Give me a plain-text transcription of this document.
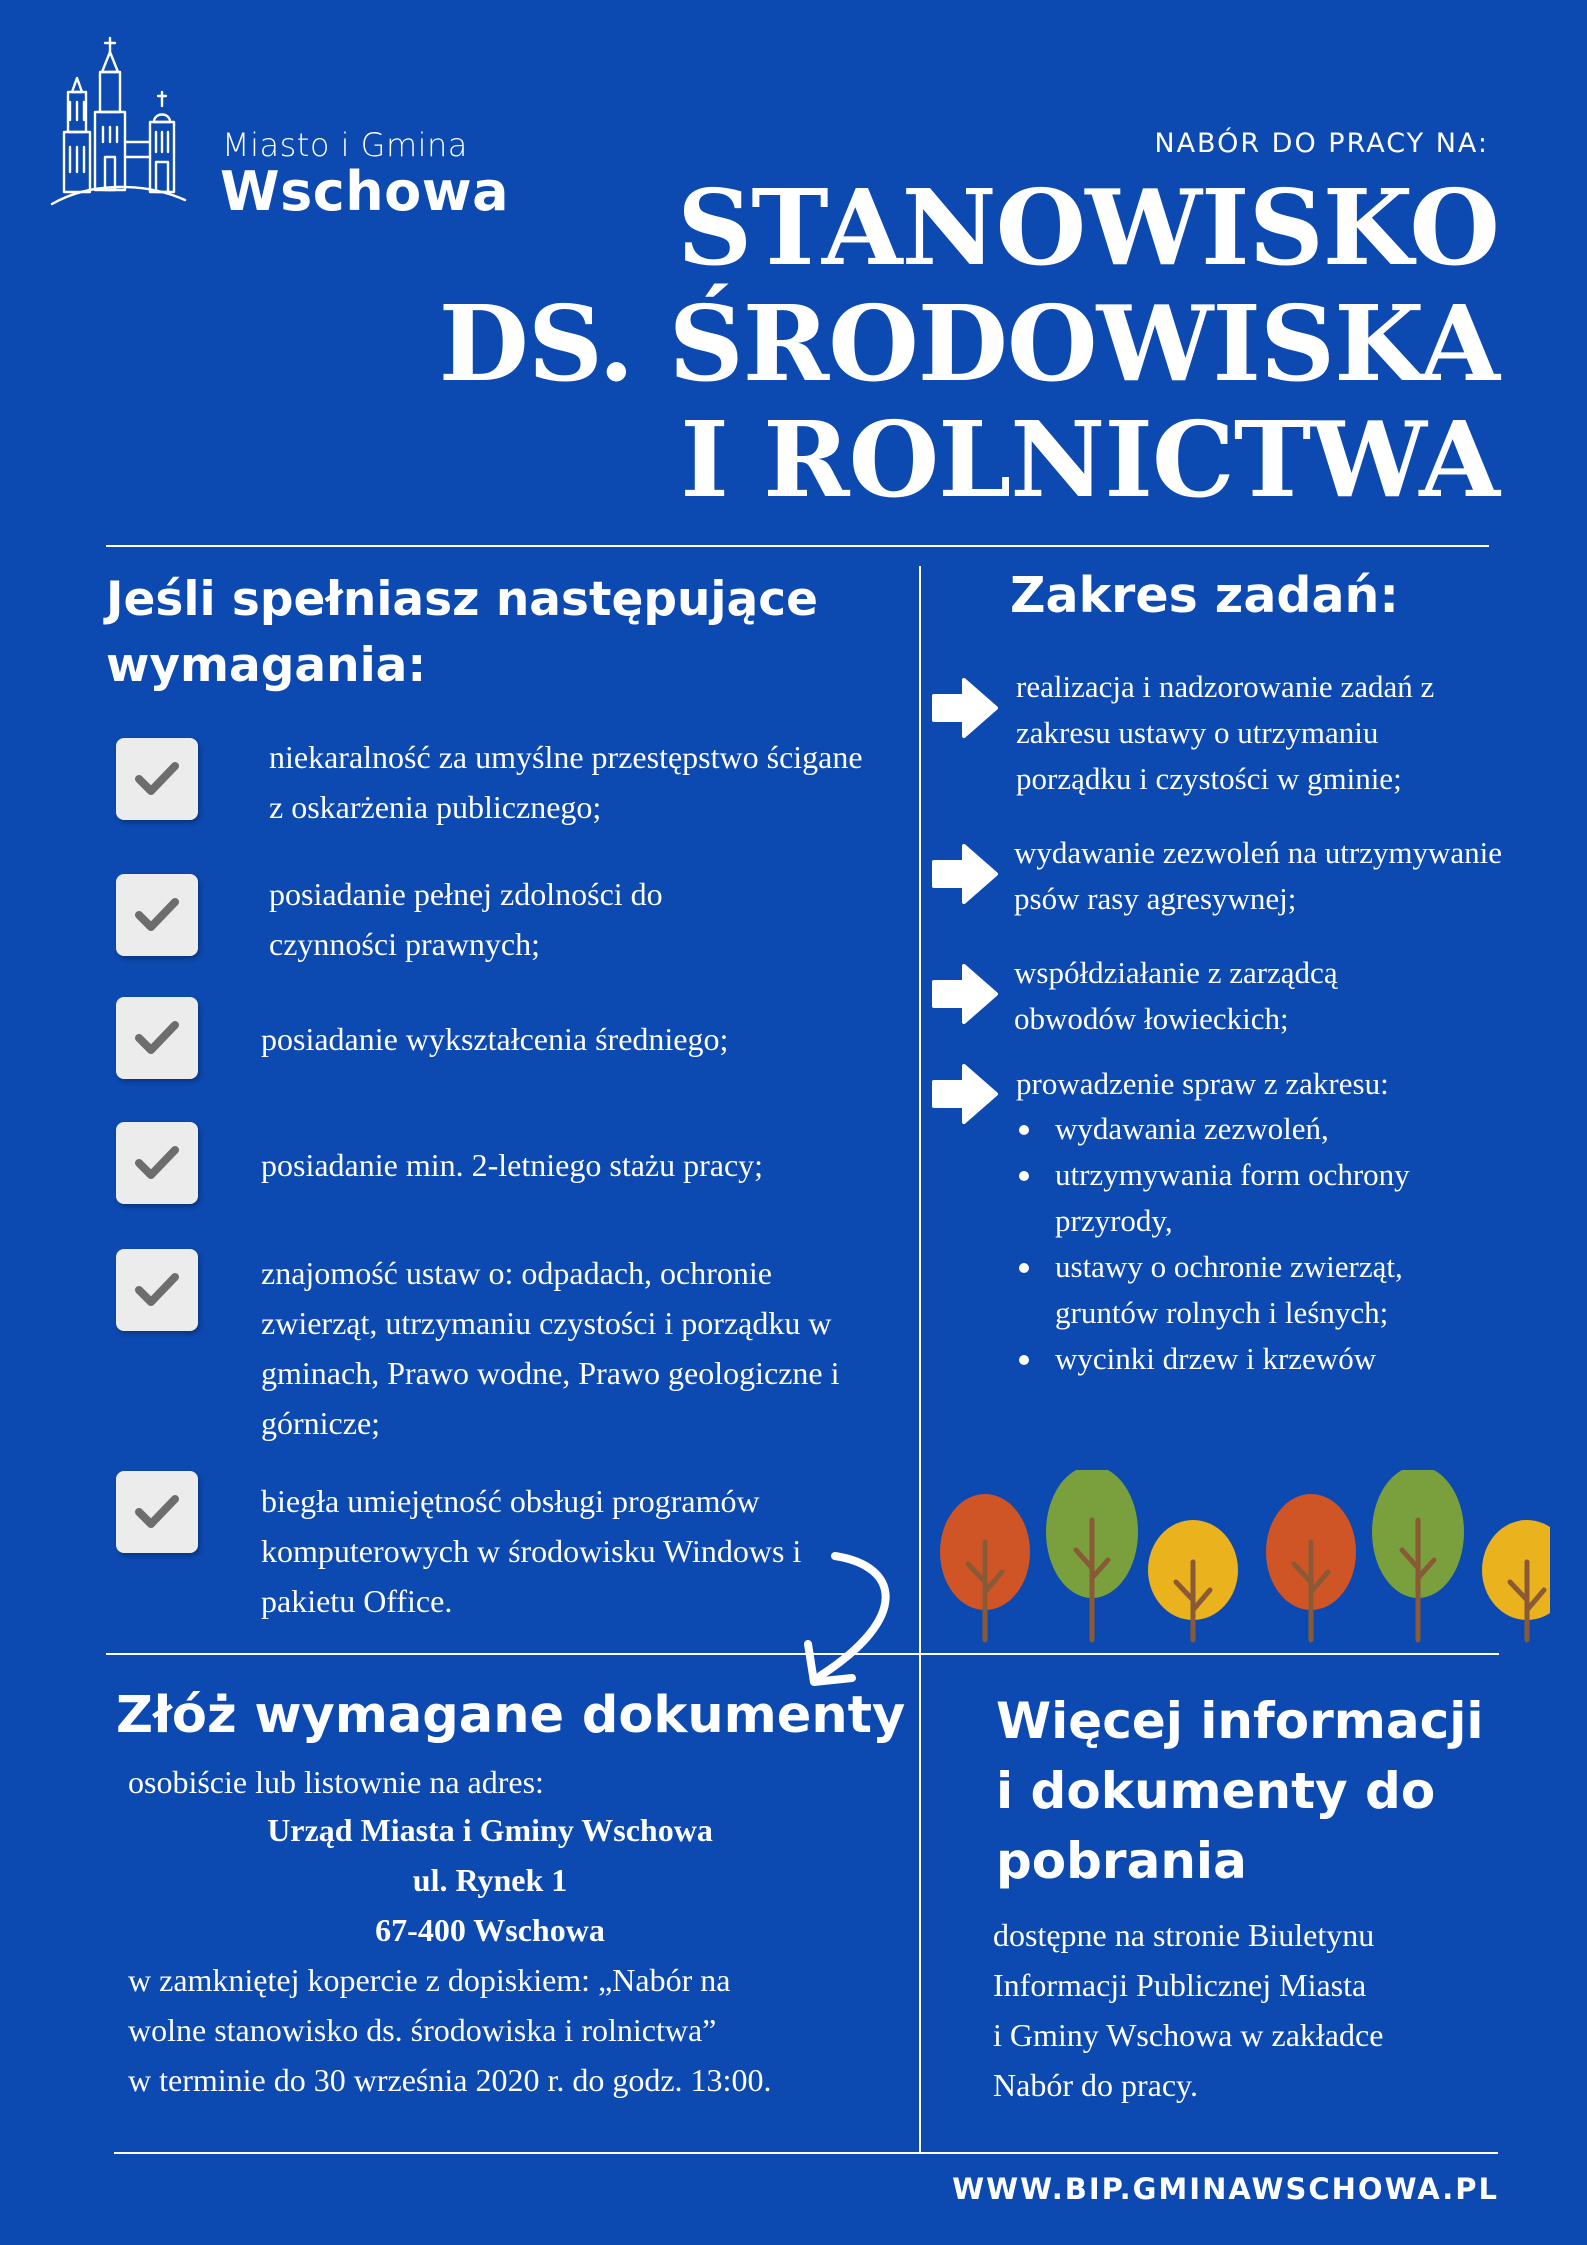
Miasto i Gmina
Wschowa
NABÓR DO PRACY NA:
STANOWISKO
DS. ŚRODOWISKA
I ROLNICTWA
Jeśli spełniasz następujące wymagania:
niekaralność za umyślne przestępstwo ścigane z oskarżenia publicznego;
posiadanie pełnej zdolności do czynności prawnych;
posiadanie wykształcenia średniego;
posiadanie min. 2-letniego stażu pracy;
znajomość ustaw o: odpadach, ochronie zwierząt, utrzymaniu czystości i porządku w gminach, Prawo wodne, Prawo geologiczne i górnicze;
biegła umiejętność obsługi programów komputerowych w środowisku Windows i pakietu Office.
Zakres zadań:
realizacja i nadzorowanie zadań z zakresu ustawy o utrzymaniu porządku i czystości w gminie;
wydawanie zezwoleń na utrzymywanie psów rasy agresywnej;
współdziałanie z zarządcą obwodów łowieckich;
prowadzenie spraw z zakresu:
wydawania zezwoleń,
utrzymywania form ochrony przyrody,
ustawy o ochronie zwierząt, gruntów rolnych i leśnych;
wycinki drzew i krzewów
Złóż wymagane dokumenty
osobiście lub listownie na adres:
Urząd Miasta i Gminy Wschowa
ul. Rynek 1
67-400 Wschowa
w zamkniętej kopercie z dopiskiem: „Nabór na
wolne stanowisko ds. środowiska i rolnictwa”
w terminie do 30 września 2020 r. do godz. 13:00.
Więcej informacji i dokumenty do pobrania
dostępne na stronie Biuletynu
Informacji Publicznej Miasta
i Gminy Wschowa w zakładce
Nabór do pracy.
WWW.BIP.GMINAWSCHOWA.PL
